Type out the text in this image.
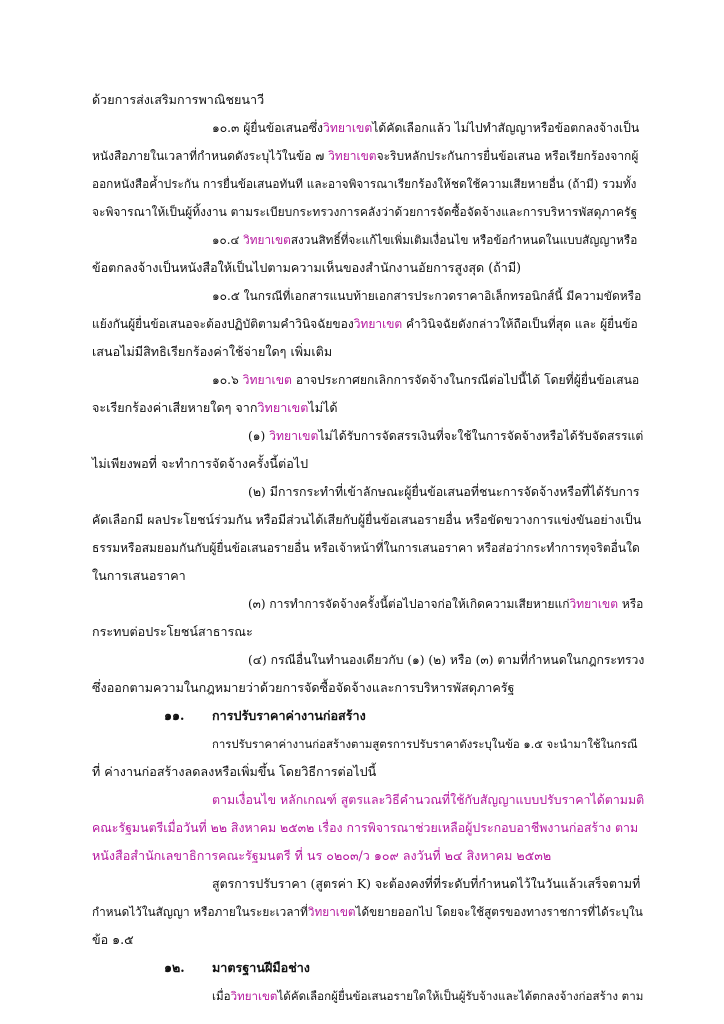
ด้วยการส่งเสริมการพาณิชยนาวี
๑๐.๓ ผู้ยื่นข้อเสนอซึ่งวิทยาเขตได้คัดเลือกแล้ว ไม่ไปทำสัญญาหรือข้อตกลงจ้างเป็น
หนังสือภายในเวลาที่กำหนดดังระบุไว้ในข้อ ๗ วิทยาเขตจะริบหลักประกันการยื่นข้อเสนอ หรือเรียกร้องจากผู้
ออกหนังสือค้ำประกัน การยื่นข้อเสนอทันที และอาจพิจารณาเรียกร้องให้ชดใช้ความเสียหายอื่น (ถ้ามี) รวมทั้ง
จะพิจารณาให้เป็นผู้ทิ้งงาน ตามระเบียบกระทรวงการคลังว่าด้วยการจัดซื้อจัดจ้างและการบริหารพัสดุภาครัฐ
๑๐.๔ วิทยาเขตสงวนสิทธิ์ที่จะแก้ไขเพิ่มเติมเงื่อนไข หรือข้อกำหนดในแบบสัญญาหรือ
ข้อตกลงจ้างเป็นหนังสือให้เป็นไปตามความเห็นของสำนักงานอัยการสูงสุด (ถ้ามี)
๑๐.๕ ในกรณีที่เอกสารแนบท้ายเอกสารประกวดราคาอิเล็กทรอนิกส์นี้ มีความขัดหรือ
แย้งกันผู้ยื่นข้อเสนอจะต้องปฏิบัติตามคำวินิจฉัยของวิทยาเขต คำวินิจฉัยดังกล่าวให้ถือเป็นที่สุด และ ผู้ยื่นข้อ
เสนอไม่มีสิทธิเรียกร้องค่าใช้จ่ายใดๆ เพิ่มเติม
๑๐.๖ วิทยาเขต อาจประกาศยกเลิกการจัดจ้างในกรณีต่อไปนี้ได้ โดยที่ผู้ยื่นข้อเสนอ
จะเรียกร้องค่าเสียหายใดๆ จากวิทยาเขตไม่ได้
(๑) วิทยาเขตไม่ได้รับการจัดสรรเงินที่จะใช้ในการจัดจ้างหรือได้รับจัดสรรแต่
ไม่เพียงพอที่ จะทำการจัดจ้างครั้งนี้ต่อไป
(๒) มีการกระทำที่เข้าลักษณะผู้ยื่นข้อเสนอที่ชนะการจัดจ้างหรือที่ได้รับการ
คัดเลือกมี ผลประโยชน์ร่วมกัน หรือมีส่วนได้เสียกับผู้ยื่นข้อเสนอรายอื่น หรือขัดขวางการแข่งขันอย่างเป็น
ธรรมหรือสมยอมกันกับผู้ยื่นข้อเสนอรายอื่น หรือเจ้าหน้าที่ในการเสนอราคา หรือส่อว่ากระทำการทุจริตอื่นใด
ในการเสนอราคา
(๓) การทำการจัดจ้างครั้งนี้ต่อไปอาจก่อให้เกิดความเสียหายแก่วิทยาเขต หรือ
กระทบต่อประโยชน์สาธารณะ
(๔) กรณีอื่นในทำนองเดียวกับ (๑) (๒) หรือ (๓) ตามที่กำหนดในกฎกระทรวง
ซึ่งออกตามความในกฎหมายว่าด้วยการจัดซื้อจัดจ้างและการบริหารพัสดุภาครัฐ
๑๑. การปรับราคาค่างานก่อสร้าง
การปรับราคาค่างานก่อสร้างตามสูตรการปรับราคาดังระบุในข้อ ๑.๕ จะนำมาใช้ในกรณี
ที่ ค่างานก่อสร้างลดลงหรือเพิ่มขึ้น โดยวิธีการต่อไปนี้
ตามเงื่อนไข หลักเกณฑ์ สูตรและวิธีคำนวณที่ใช้กับสัญญาแบบปรับราคาได้ตามมติ
คณะรัฐมนตรีเมื่อวันที่ ๒๒ สิงหาคม ๒๕๓๒ เรื่อง การพิจารณาช่วยเหลือผู้ประกอบอาชีพงานก่อสร้าง ตาม
หนังสือสำนักเลขาธิการคณะรัฐมนตรี ที่ นร ๐๒๐๓/ว ๑๐๙ ลงวันที่ ๒๔ สิงหาคม ๒๕๓๒
สูตรการปรับราคา (สูตรค่า K) จะต้องคงที่ที่ระดับที่กำหนดไว้ในวันแล้วเสร็จตามที่
กำหนดไว้ในสัญญา หรือภายในระยะเวลาที่วิทยาเขตได้ขยายออกไป โดยจะใช้สูตรของทางราชการที่ได้ระบุใน
ข้อ ๑.๕
๑๒. มาตรฐานฝีมือช่าง
เมื่อวิทยาเขตได้คัดเลือกผู้ยื่นข้อเสนอรายใดให้เป็นผู้รับจ้างและได้ตกลงจ้างก่อสร้าง ตาม
